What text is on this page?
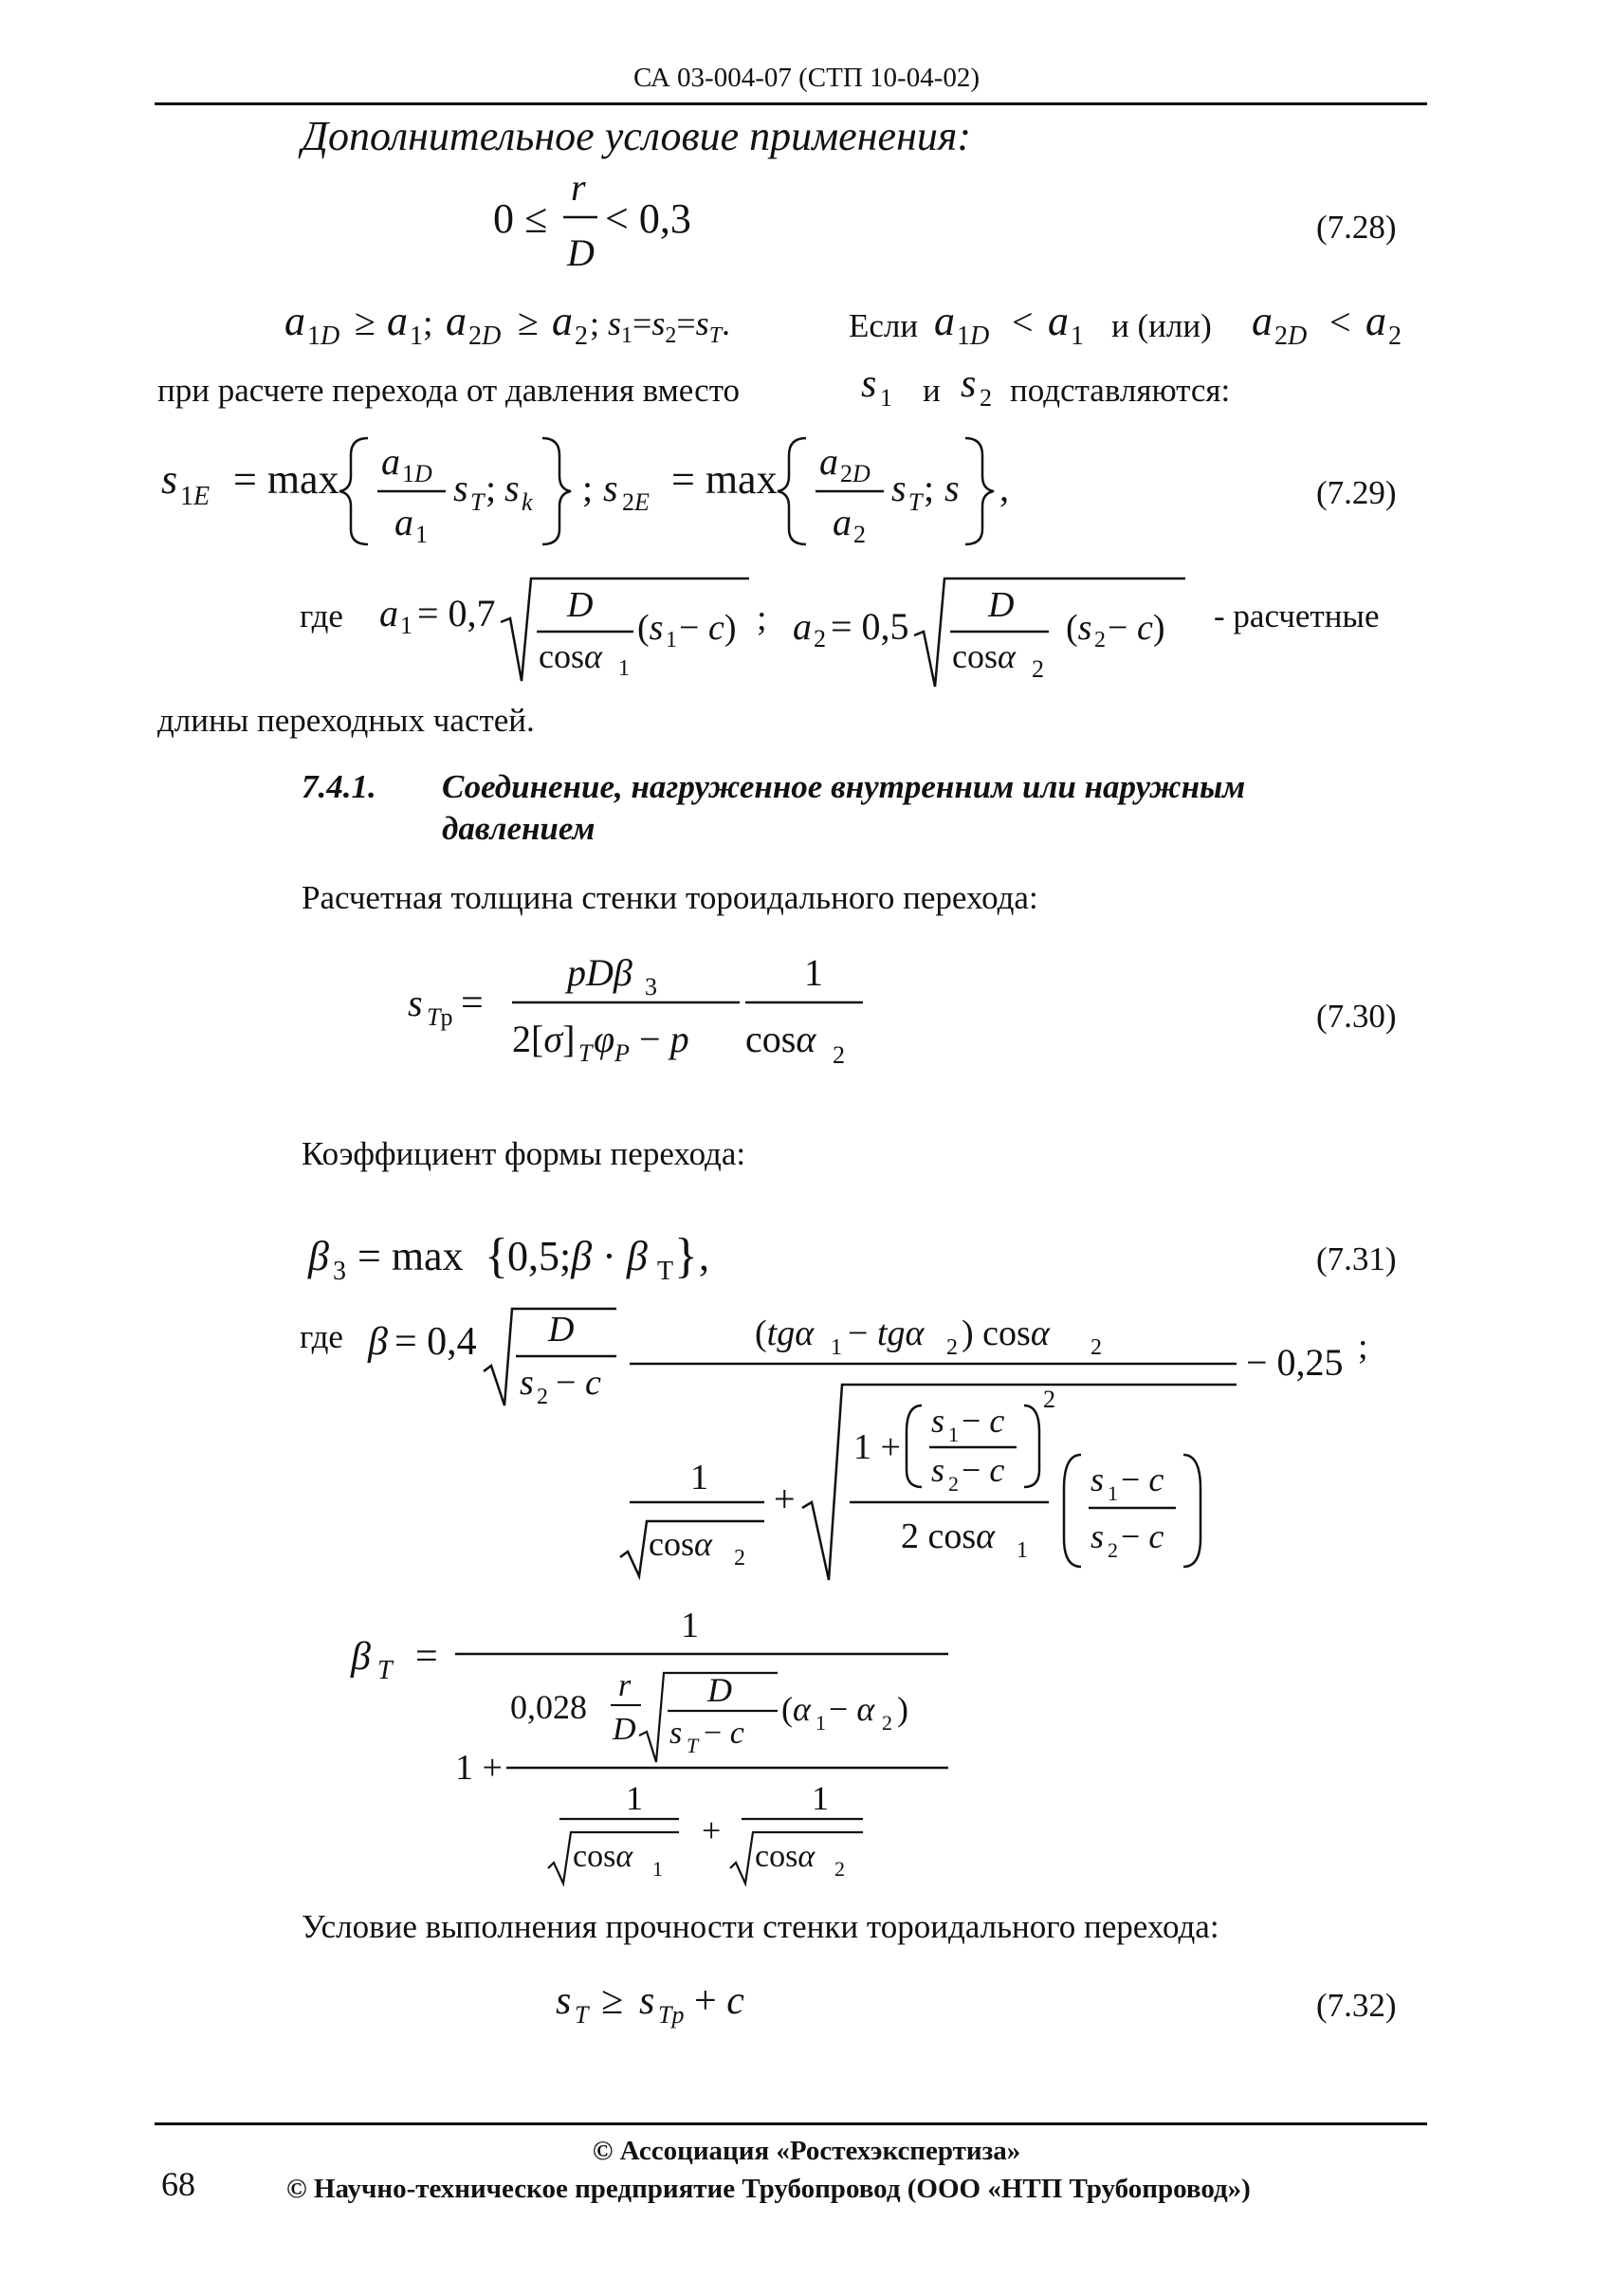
СА 03-004-07 (СТП 10-04-02)
Дополнительное условие применения:
0 ≤
r
D
< 0,3	(7.28)
a 1D ≥ a 1 ; a 2D ≥ a 2 ; $s_1=s_2=s_T$.	Если a 1D < a 1 и (или) a 2D < a 2
при расчете перехода от давления вместо	s 1 и s 2 подставляются:
s 1E = max a 1D
a 1
s T ; s k ; s 2E = max a 2D
a 2
s T ; s ,	(7.29)
где a 1 = 0,7 D
cosα 1
(s 1 − c) ; a 2 = 0,5 D
cosα 2
(s 2 − c) - расчетные
длины переходных частей.
7.4.1. Соединение, нагруженное внутренним или наружным
давлением
Расчетная толщина стенки тороидального перехода:
s Tp =
pDβ 3
2[σ] T φ P − p
1
cosα 2
(7.30)
Коэффициент формы перехода:
β 3 = max { 0,5;β · β T } ,	(7.31)
где β = 0,4 D
s 2 − c
(tgα 1 − tgα 2 ) cosα 2	− 0,25 ;
1
cosα 2
+
1 +
s 1 − c
s 2 − c
2
2 cosα 1
s 1 − c
s 2 − c
β T =
1
0,028
r
D
D
s T − c
(α 1 − α 2 )
1 +
1
cosα 1
+
1
cosα 2
Условие выполнения прочности стенки тороидального перехода:
s T ≥ s Tp + c	(7.32)
© Ассоциация «Ростехэкспертиза»
68	© Научно-техническое предприятие Трубопровод (ООО «НТП Трубопровод»)
